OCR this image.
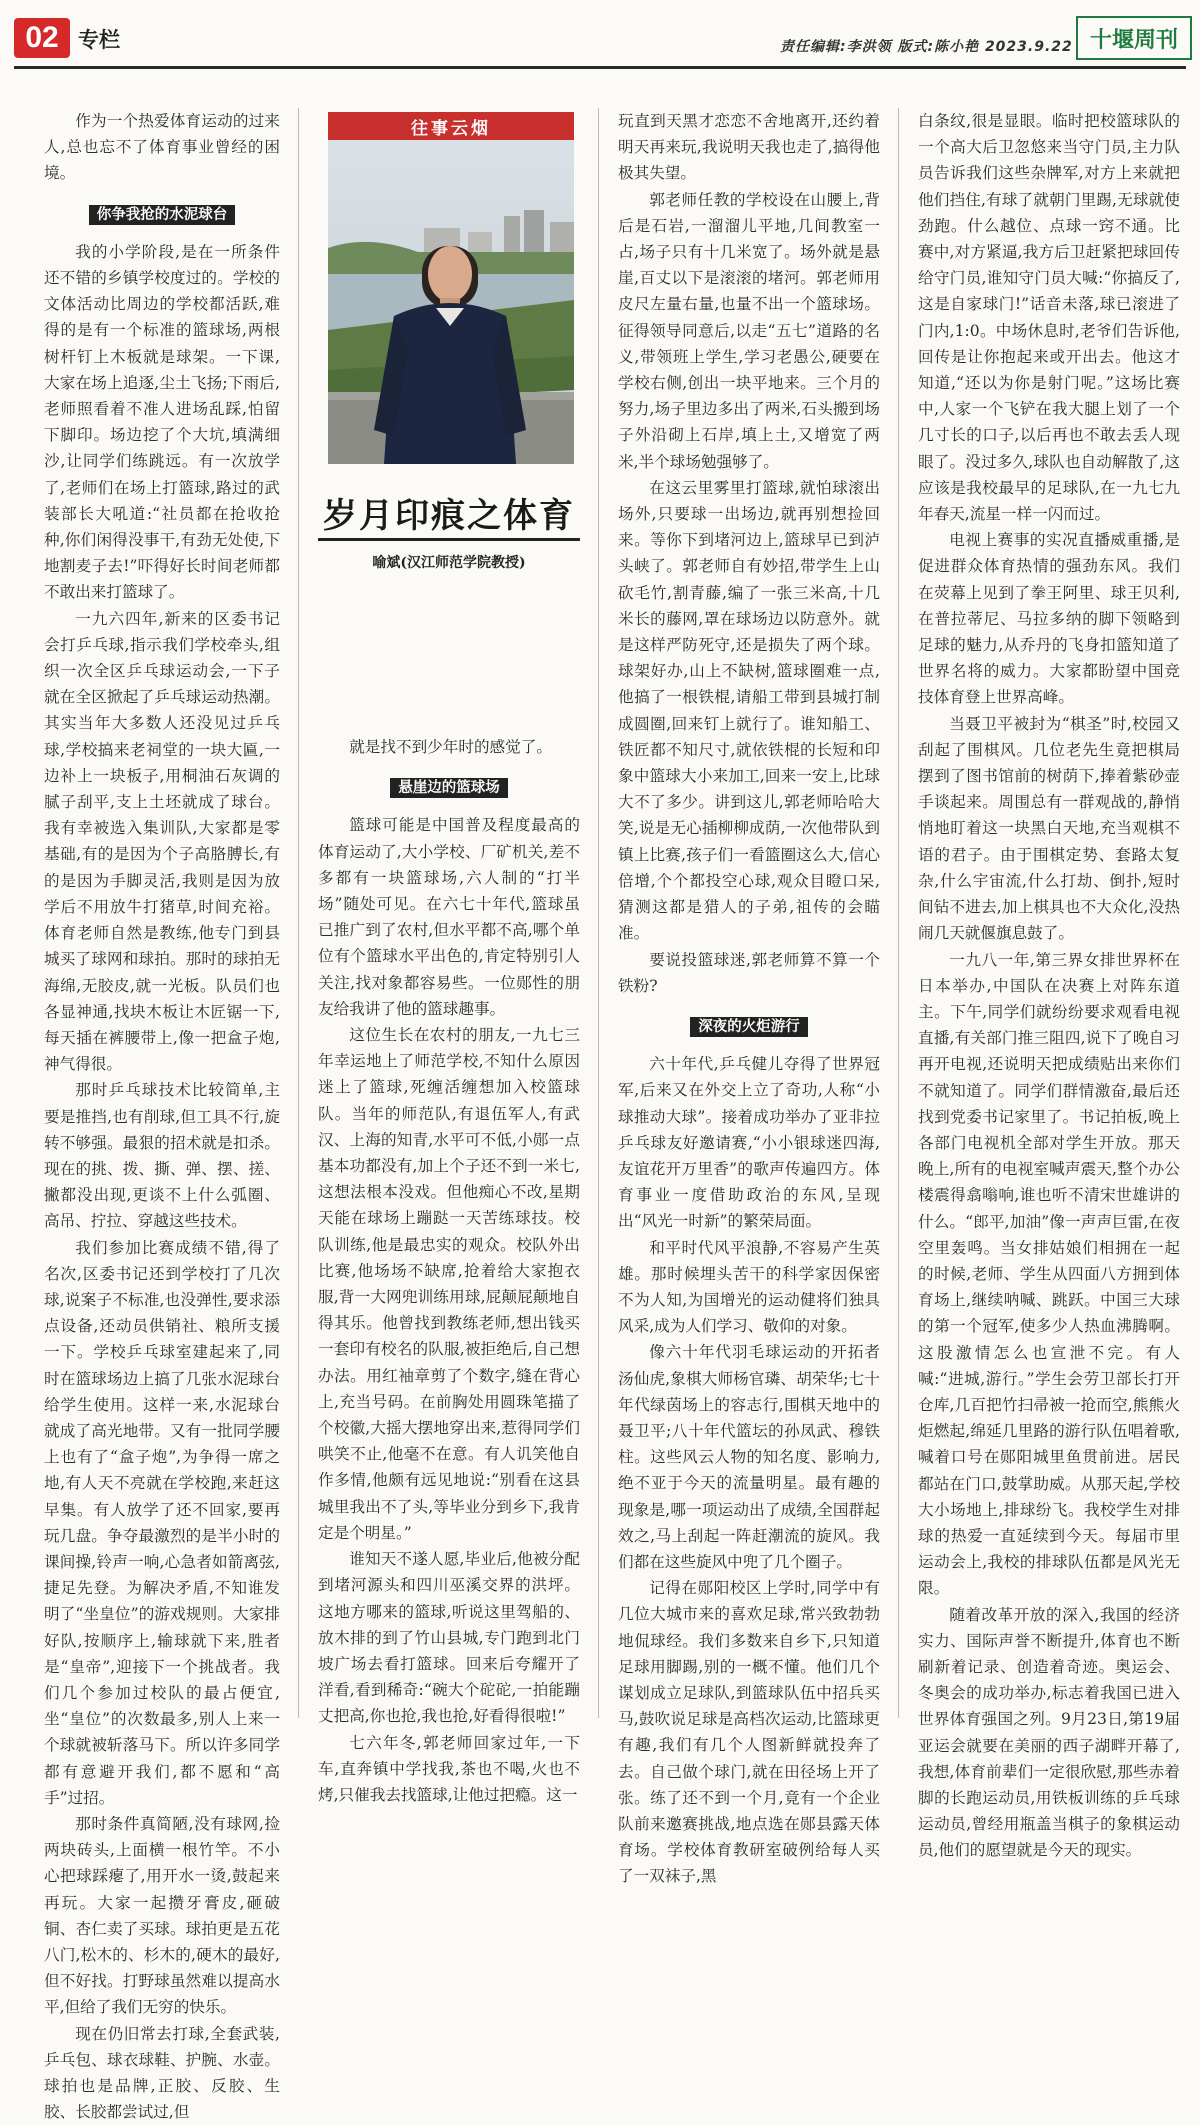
02 专栏	责任编辑:李洪领 版式:陈小艳 2023.9.22 十堰周刊

作为一个热爱体育运动的过来人,总也忘不了体育事业曾经的困境。

你争我抢的水泥球台

我的小学阶段,是在一所条件还不错的乡镇学校度过的。学校的文体活动比周边的学校都活跃,难得的是有一个标准的篮球场,两根树杆钉上木板就是球架。一下课,大家在场上追逐,尘土飞扬;下雨后,老师照看着不准人进场乱踩,怕留下脚印。场边挖了个大坑,填满细沙,让同学们练跳远。有一次放学了,老师们在场上打篮球,路过的武装部长大吼道:“社员都在抢收抢种,你们闲得没事干,有劲无处使,下地割麦子去!”吓得好长时间老师都不敢出来打篮球了。

一九六四年,新来的区委书记会打乒乓球,指示我们学校牵头,组织一次全区乒乓球运动会,一下子就在全区掀起了乒乓球运动热潮。其实当年大多数人还没见过乒乓球,学校搞来老祠堂的一块大匾,一边补上一块板子,用桐油石灰调的腻子刮平,支上土坯就成了球台。我有幸被选入集训队,大家都是零基础,有的是因为个子高胳膊长,有的是因为手脚灵活,我则是因为放学后不用放牛打猪草,时间充裕。体育老师自然是教练,他专门到县城买了球网和球拍。那时的球拍无海绵,无胶皮,就一光板。队员们也各显神通,找块木板让木匠锯一下,每天插在裤腰带上,像一把盒子炮,神气得很。

那时乒乓球技术比较简单,主要是推挡,也有削球,但工具不行,旋转不够强。最狠的招术就是扣杀。现在的挑、拨、撕、弹、摆、搓、撇都没出现,更谈不上什么弧圈、高吊、拧拉、穿越这些技术。

我们参加比赛成绩不错,得了名次,区委书记还到学校打了几次球,说案子不标准,也没弹性,要求添点设备,还动员供销社、粮所支援一下。学校乒乓球室建起来了,同时在篮球场边上搞了几张水泥球台给学生使用。这样一来,水泥球台就成了高光地带。又有一批同学腰上也有了“盒子炮”,为争得一席之地,有人天不亮就在学校跑,来赶这早集。有人放学了还不回家,要再玩几盘。争夺最激烈的是半小时的课间操,铃声一响,心急者如箭离弦,捷足先登。为解决矛盾,不知谁发明了“坐皇位”的游戏规则。大家排好队,按顺序上,输球就下来,胜者是“皇帝”,迎接下一个挑战者。我们几个参加过校队的最占便宜,坐“皇位”的次数最多,别人上来一个球就被斩落马下。所以许多同学都有意避开我们,都不愿和“高手”过招。

那时条件真简陋,没有球网,捡两块砖头,上面横一根竹竿。不小心把球踩瘪了,用开水一烫,鼓起来再玩。大家一起攒牙膏皮,砸破铜、杏仁卖了买球。球拍更是五花八门,松木的、杉木的,硬木的最好,但不好找。打野球虽然难以提高水平,但给了我们无穷的快乐。

现在仍旧常去打球,全套武装,乒乓包、球衣球鞋、护腕、水壶。球拍也是品牌,正胶、反胶、生胶、长胶都尝试过,但

往事云烟
岁月印痕之体育
喻斌(汉江师范学院教授)

就是找不到少年时的感觉了。

悬崖边的篮球场

篮球可能是中国普及程度最高的体育运动了,大小学校、厂矿机关,差不多都有一块篮球场,六人制的“打半场”随处可见。在六七十年代,篮球虽已推广到了农村,但水平都不高,哪个单位有个篮球水平出色的,肯定特别引人关注,找对象都容易些。一位郧性的朋友给我讲了他的篮球趣事。

这位生长在农村的朋友,一九七三年幸运地上了师范学校,不知什么原因迷上了篮球,死缠活缠想加入校篮球队。当年的师范队,有退伍军人,有武汉、上海的知青,水平可不低,小郧一点基本功都没有,加上个子还不到一米七,这想法根本没戏。但他痴心不改,星期天能在球场上蹦跶一天苦练球技。校队训练,他是最忠实的观众。校队外出比赛,他场场不缺席,抢着给大家抱衣服,背一大网兜训练用球,屁颠屁颠地自得其乐。他曾找到教练老师,想出钱买一套印有校名的队服,被拒绝后,自己想办法。用红袖章剪了个数字,缝在背心上,充当号码。在前胸处用圆珠笔描了个校徽,大摇大摆地穿出来,惹得同学们哄笑不止,他毫不在意。有人讥笑他自作多情,他颇有远见地说:“别看在这县城里我出不了头,等毕业分到乡下,我肯定是个明星。”

谁知天不遂人愿,毕业后,他被分配到堵河源头和四川巫溪交界的洪坪。这地方哪来的篮球,听说这里驾船的、放木排的到了竹山县城,专门跑到北门坡广场去看打篮球。回来后夸耀开了洋看,看到稀奇:“碗大个砣砣,一拍能蹦丈把高,你也抢,我也抢,好看得很啦!”

七六年冬,郭老师回家过年,一下车,直奔镇中学找我,茶也不喝,火也不烤,只催我去找篮球,让他过把瘾。这一

玩直到天黑才恋恋不舍地离开,还约着明天再来玩,我说明天我也走了,搞得他极其失望。

郭老师任教的学校设在山腰上,背后是石岩,一溜溜儿平地,几间教室一占,场子只有十几米宽了。场外就是悬崖,百丈以下是滚滚的堵河。郭老师用皮尺左量右量,也量不出一个篮球场。征得领导同意后,以走“五七”道路的名义,带领班上学生,学习老愚公,硬要在学校右侧,创出一块平地来。三个月的努力,场子里边多出了两米,石头搬到场子外沿砌上石岸,填上土,又增宽了两米,半个球场勉强够了。

在这云里雾里打篮球,就怕球滚出场外,只要球一出场边,就再别想捡回来。等你下到堵河边上,篮球早已到泸头峡了。郭老师自有妙招,带学生上山砍毛竹,割青藤,编了一张三米高,十几米长的藤网,罩在球场边以防意外。就是这样严防死守,还是损失了两个球。球架好办,山上不缺树,篮球圈难一点,他搞了一根铁棍,请船工带到县城打制成圆圈,回来钉上就行了。谁知船工、铁匠都不知尺寸,就依铁棍的长短和印象中篮球大小来加工,回来一安上,比球大不了多少。讲到这儿,郭老师哈哈大笑,说是无心插柳柳成荫,一次他带队到镇上比赛,孩子们一看篮圈这么大,信心倍增,个个都投空心球,观众目瞪口呆,猜测这都是猎人的子弟,祖传的会瞄准。

要说投篮球迷,郭老师算不算一个铁粉?

深夜的火炬游行

六十年代,乒乓健儿夺得了世界冠军,后来又在外交上立了奇功,人称“小球推动大球”。接着成功举办了亚非拉乒乓球友好邀请赛,“小小银球迷四海,友谊花开万里香”的歌声传遍四方。体育事业一度借助政治的东风,呈现出“风光一时新”的繁荣局面。

和平时代风平浪静,不容易产生英雄。那时候埋头苦干的科学家因保密不为人知,为国增光的运动健将们独具风采,成为人们学习、敬仰的对象。

像六十年代羽毛球运动的开拓者汤仙虎,象棋大师杨官璘、胡荣华;七十年代绿茵场上的容志行,围棋天地中的聂卫平;八十年代篮坛的孙凤武、穆铁柱。这些风云人物的知名度、影响力,绝不亚于今天的流量明星。最有趣的现象是,哪一项运动出了成绩,全国群起效之,马上刮起一阵赶潮流的旋风。我们都在这些旋风中兜了几个圈子。

记得在郧阳校区上学时,同学中有几位大城市来的喜欢足球,常兴致勃勃地侃球经。我们多数来自乡下,只知道足球用脚踢,别的一概不懂。他们几个谋划成立足球队,到篮球队伍中招兵买马,鼓吹说足球是高档次运动,比篮球更有趣,我们有几个人图新鲜就投奔了去。自己做个球门,就在田径场上开了张。练了还不到一个月,竟有一个企业队前来邀赛挑战,地点选在郧县露天体育场。学校体育教研室破例给每人买了一双袜子,黑

白条纹,很是显眼。临时把校篮球队的一个高大后卫忽悠来当守门员,主力队员告诉我们这些杂牌军,对方上来就把他们挡住,有球了就朝门里踢,无球就使劲跑。什么越位、点球一窍不通。比赛中,对方紧逼,我方后卫赶紧把球回传给守门员,谁知守门员大喊:“你搞反了,这是自家球门!”话音未落,球已滚进了门内,1:0。中场休息时,老爷们告诉他,回传是让你抱起来或开出去。他这才知道,“还以为你是射门呢。”这场比赛中,人家一个飞铲在我大腿上划了一个几寸长的口子,以后再也不敢去丢人现眼了。没过多久,球队也自动解散了,这应该是我校最早的足球队,在一九七九年春天,流星一样一闪而过。

电视上赛事的实况直播威重播,是促进群众体育热情的强劲东风。我们在荧幕上见到了拳王阿里、球王贝利,在普拉蒂尼、马拉多纳的脚下领略到足球的魅力,从乔丹的飞身扣篮知道了世界名将的威力。大家都盼望中国竞技体育登上世界高峰。

当聂卫平被封为“棋圣”时,校园又刮起了围棋风。几位老先生竟把棋局摆到了图书馆前的树荫下,捧着紫砂壶手谈起来。周围总有一群观战的,静悄悄地盯着这一块黑白天地,充当观棋不语的君子。由于围棋定势、套路太复杂,什么宇宙流,什么打劫、倒扑,短时间钻不进去,加上棋具也不大众化,没热闹几天就偃旗息鼓了。

一九八一年,第三界女排世界杯在日本举办,中国队在决赛上对阵东道主。下午,同学们就纷纷要求观看电视直播,有关部门推三阻四,说下了晚自习再开电视,还说明天把成绩贴出来你们不就知道了。同学们群情激奋,最后还找到党委书记家里了。书记拍板,晚上各部门电视机全部对学生开放。那天晚上,所有的电视室喊声震天,整个办公楼震得翕嗡响,谁也听不清宋世雄讲的什么。“郎平,加油”像一声声巨雷,在夜空里轰鸣。当女排姑娘们相拥在一起的时候,老师、学生从四面八方拥到体育场上,继续呐喊、跳跃。中国三大球的第一个冠军,使多少人热血沸腾啊。这股激情怎么也宣泄不完。有人喊:“进城,游行。”学生会劳卫部长打开仓库,几百把竹扫帚被一抢而空,熊熊火炬燃起,绵延几里路的游行队伍唱着歌,喊着口号在郧阳城里鱼贯前进。居民都站在门口,鼓掌助威。从那天起,学校大小场地上,排球纷飞。我校学生对排球的热爱一直延续到今天。每届市里运动会上,我校的排球队伍都是风光无限。

随着改革开放的深入,我国的经济实力、国际声誉不断提升,体育也不断刷新着记录、创造着奇迹。奥运会、冬奥会的成功举办,标志着我国已进入世界体育强国之列。9月23日,第19届亚运会就要在美丽的西子湖畔开幕了,我想,体育前辈们一定很欣慰,那些赤着脚的长跑运动员,用铁板训练的乒乓球运动员,曾经用瓶盖当棋子的象棋运动员,他们的愿望就是今天的现实。
